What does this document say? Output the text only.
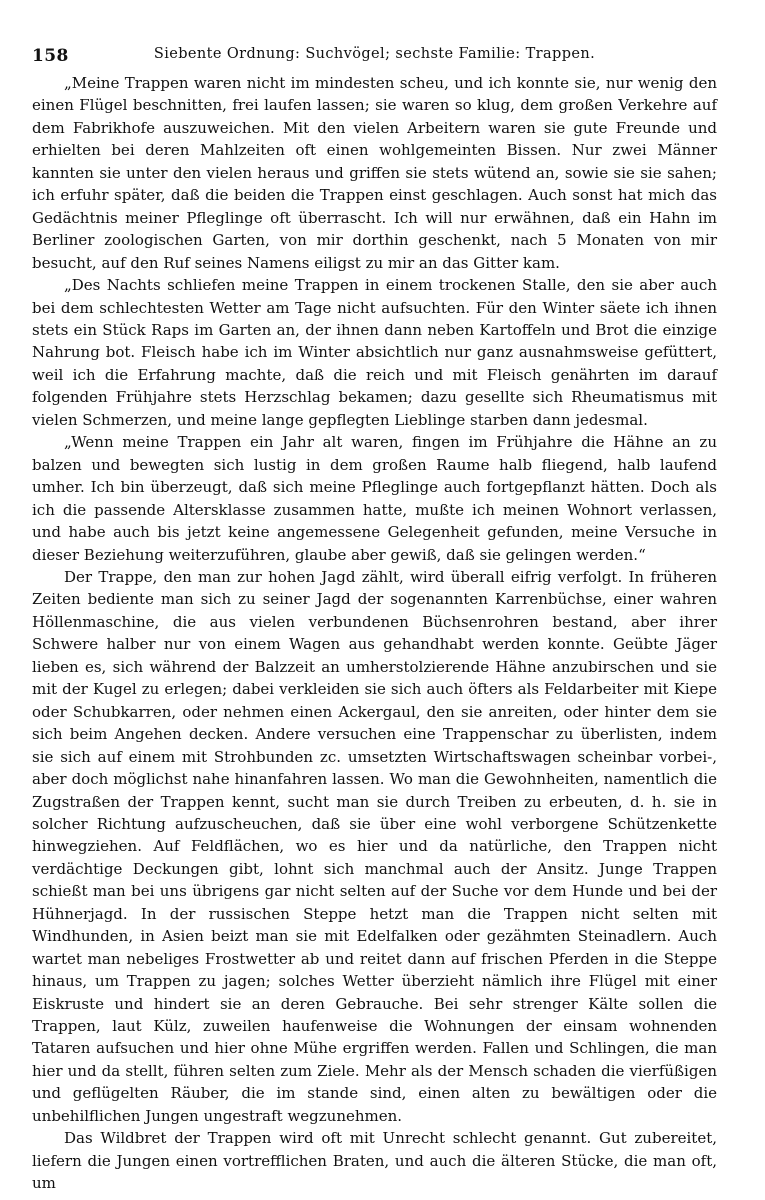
158	Siebente Ordnung: Suchvögel; sechste Familie: Trappen.

„Meine Trappen waren nicht im mindesten scheu, und ich konnte sie, nur wenig den einen Flügel beschnitten, frei laufen lassen; sie waren so klug, dem großen Verkehre auf dem Fabrikhofe auszuweichen. Mit den vielen Arbeitern waren sie gute Freunde und erhielten bei deren Mahlzeiten oft einen wohlgemeinten Bissen. Nur zwei Männer kannten sie unter den vielen heraus und griffen sie stets wütend an, sowie sie sie sahen; ich erfuhr später, daß die beiden die Trappen einst geschlagen. Auch sonst hat mich das Gedächtnis meiner Pfleglinge oft überrascht. Ich will nur erwähnen, daß ein Hahn im Berliner zoologischen Garten, von mir dorthin geschenkt, nach 5 Monaten von mir besucht, auf den Ruf seines Namens eiligst zu mir an das Gitter kam.

„Des Nachts schliefen meine Trappen in einem trockenen Stalle, den sie aber auch bei dem schlechtesten Wetter am Tage nicht aufsuchten. Für den Winter säete ich ihnen stets ein Stück Raps im Garten an, der ihnen dann neben Kartoffeln und Brot die einzige Nahrung bot. Fleisch habe ich im Winter absichtlich nur ganz ausnahmsweise gefüttert, weil ich die Erfahrung machte, daß die reich und mit Fleisch genährten im darauf folgenden Frühjahre stets Herzschlag bekamen; dazu gesellte sich Rheumatismus mit vielen Schmerzen, und meine lange gepflegten Lieblinge starben dann jedesmal.

„Wenn meine Trappen ein Jahr alt waren, fingen im Frühjahre die Hähne an zu balzen und bewegten sich lustig in dem großen Raume halb fliegend, halb laufend umher. Ich bin überzeugt, daß sich meine Pfleglinge auch fortgepflanzt hätten. Doch als ich die passende Altersklasse zusammen hatte, mußte ich meinen Wohnort verlassen, und habe auch bis jetzt keine angemessene Gelegenheit gefunden, meine Versuche in dieser Beziehung weiterzuführen, glaube aber gewiß, daß sie gelingen werden.“

Der Trappe, den man zur hohen Jagd zählt, wird überall eifrig verfolgt. In früheren Zeiten bediente man sich zu seiner Jagd der sogenannten Karrenbüchse, einer wahren Höllenmaschine, die aus vielen verbundenen Büchsenrohren bestand, aber ihrer Schwere halber nur von einem Wagen aus gehandhabt werden konnte. Geübte Jäger lieben es, sich während der Balzzeit an umherstolzierende Hähne anzubirschen und sie mit der Kugel zu erlegen; dabei verkleiden sie sich auch öfters als Feldarbeiter mit Kiepe oder Schubkarren, oder nehmen einen Ackergaul, den sie anreiten, oder hinter dem sie sich beim Angehen decken. Andere versuchen eine Trappenschar zu überlisten, indem sie sich auf einem mit Strohbunden zc. umsetzten Wirtschaftswagen scheinbar vorbei-, aber doch möglichst nahe hinanfahren lassen. Wo man die Gewohnheiten, namentlich die Zugstraßen der Trappen kennt, sucht man sie durch Treiben zu erbeuten, d. h. sie in solcher Richtung aufzuscheuchen, daß sie über eine wohl verborgene Schützenkette hinwegziehen. Auf Feldflächen, wo es hier und da natürliche, den Trappen nicht verdächtige Deckungen gibt, lohnt sich manchmal auch der Ansitz. Junge Trappen schießt man bei uns übrigens gar nicht selten auf der Suche vor dem Hunde und bei der Hühnerjagd. In der russischen Steppe hetzt man die Trappen nicht selten mit Windhunden, in Asien beizt man sie mit Edelfalken oder gezähmten Steinadlern. Auch wartet man nebeliges Frostwetter ab und reitet dann auf frischen Pferden in die Steppe hinaus, um Trappen zu jagen; solches Wetter überzieht nämlich ihre Flügel mit einer Eiskruste und hindert sie an deren Gebrauche. Bei sehr strenger Kälte sollen die Trappen, laut Külz, zuweilen haufenweise die Wohnungen der einsam wohnenden Tataren aufsuchen und hier ohne Mühe ergriffen werden. Fallen und Schlingen, die man hier und da stellt, führen selten zum Ziele. Mehr als der Mensch schaden die vierfüßigen und geflügelten Räuber, die im stande sind, einen alten zu bewältigen oder die unbehilflichen Jungen ungestraft wegzunehmen.

Das Wildbret der Trappen wird oft mit Unrecht schlecht genannt. Gut zubereitet, liefern die Jungen einen vortrefflichen Braten, und auch die älteren Stücke, die man oft, um
